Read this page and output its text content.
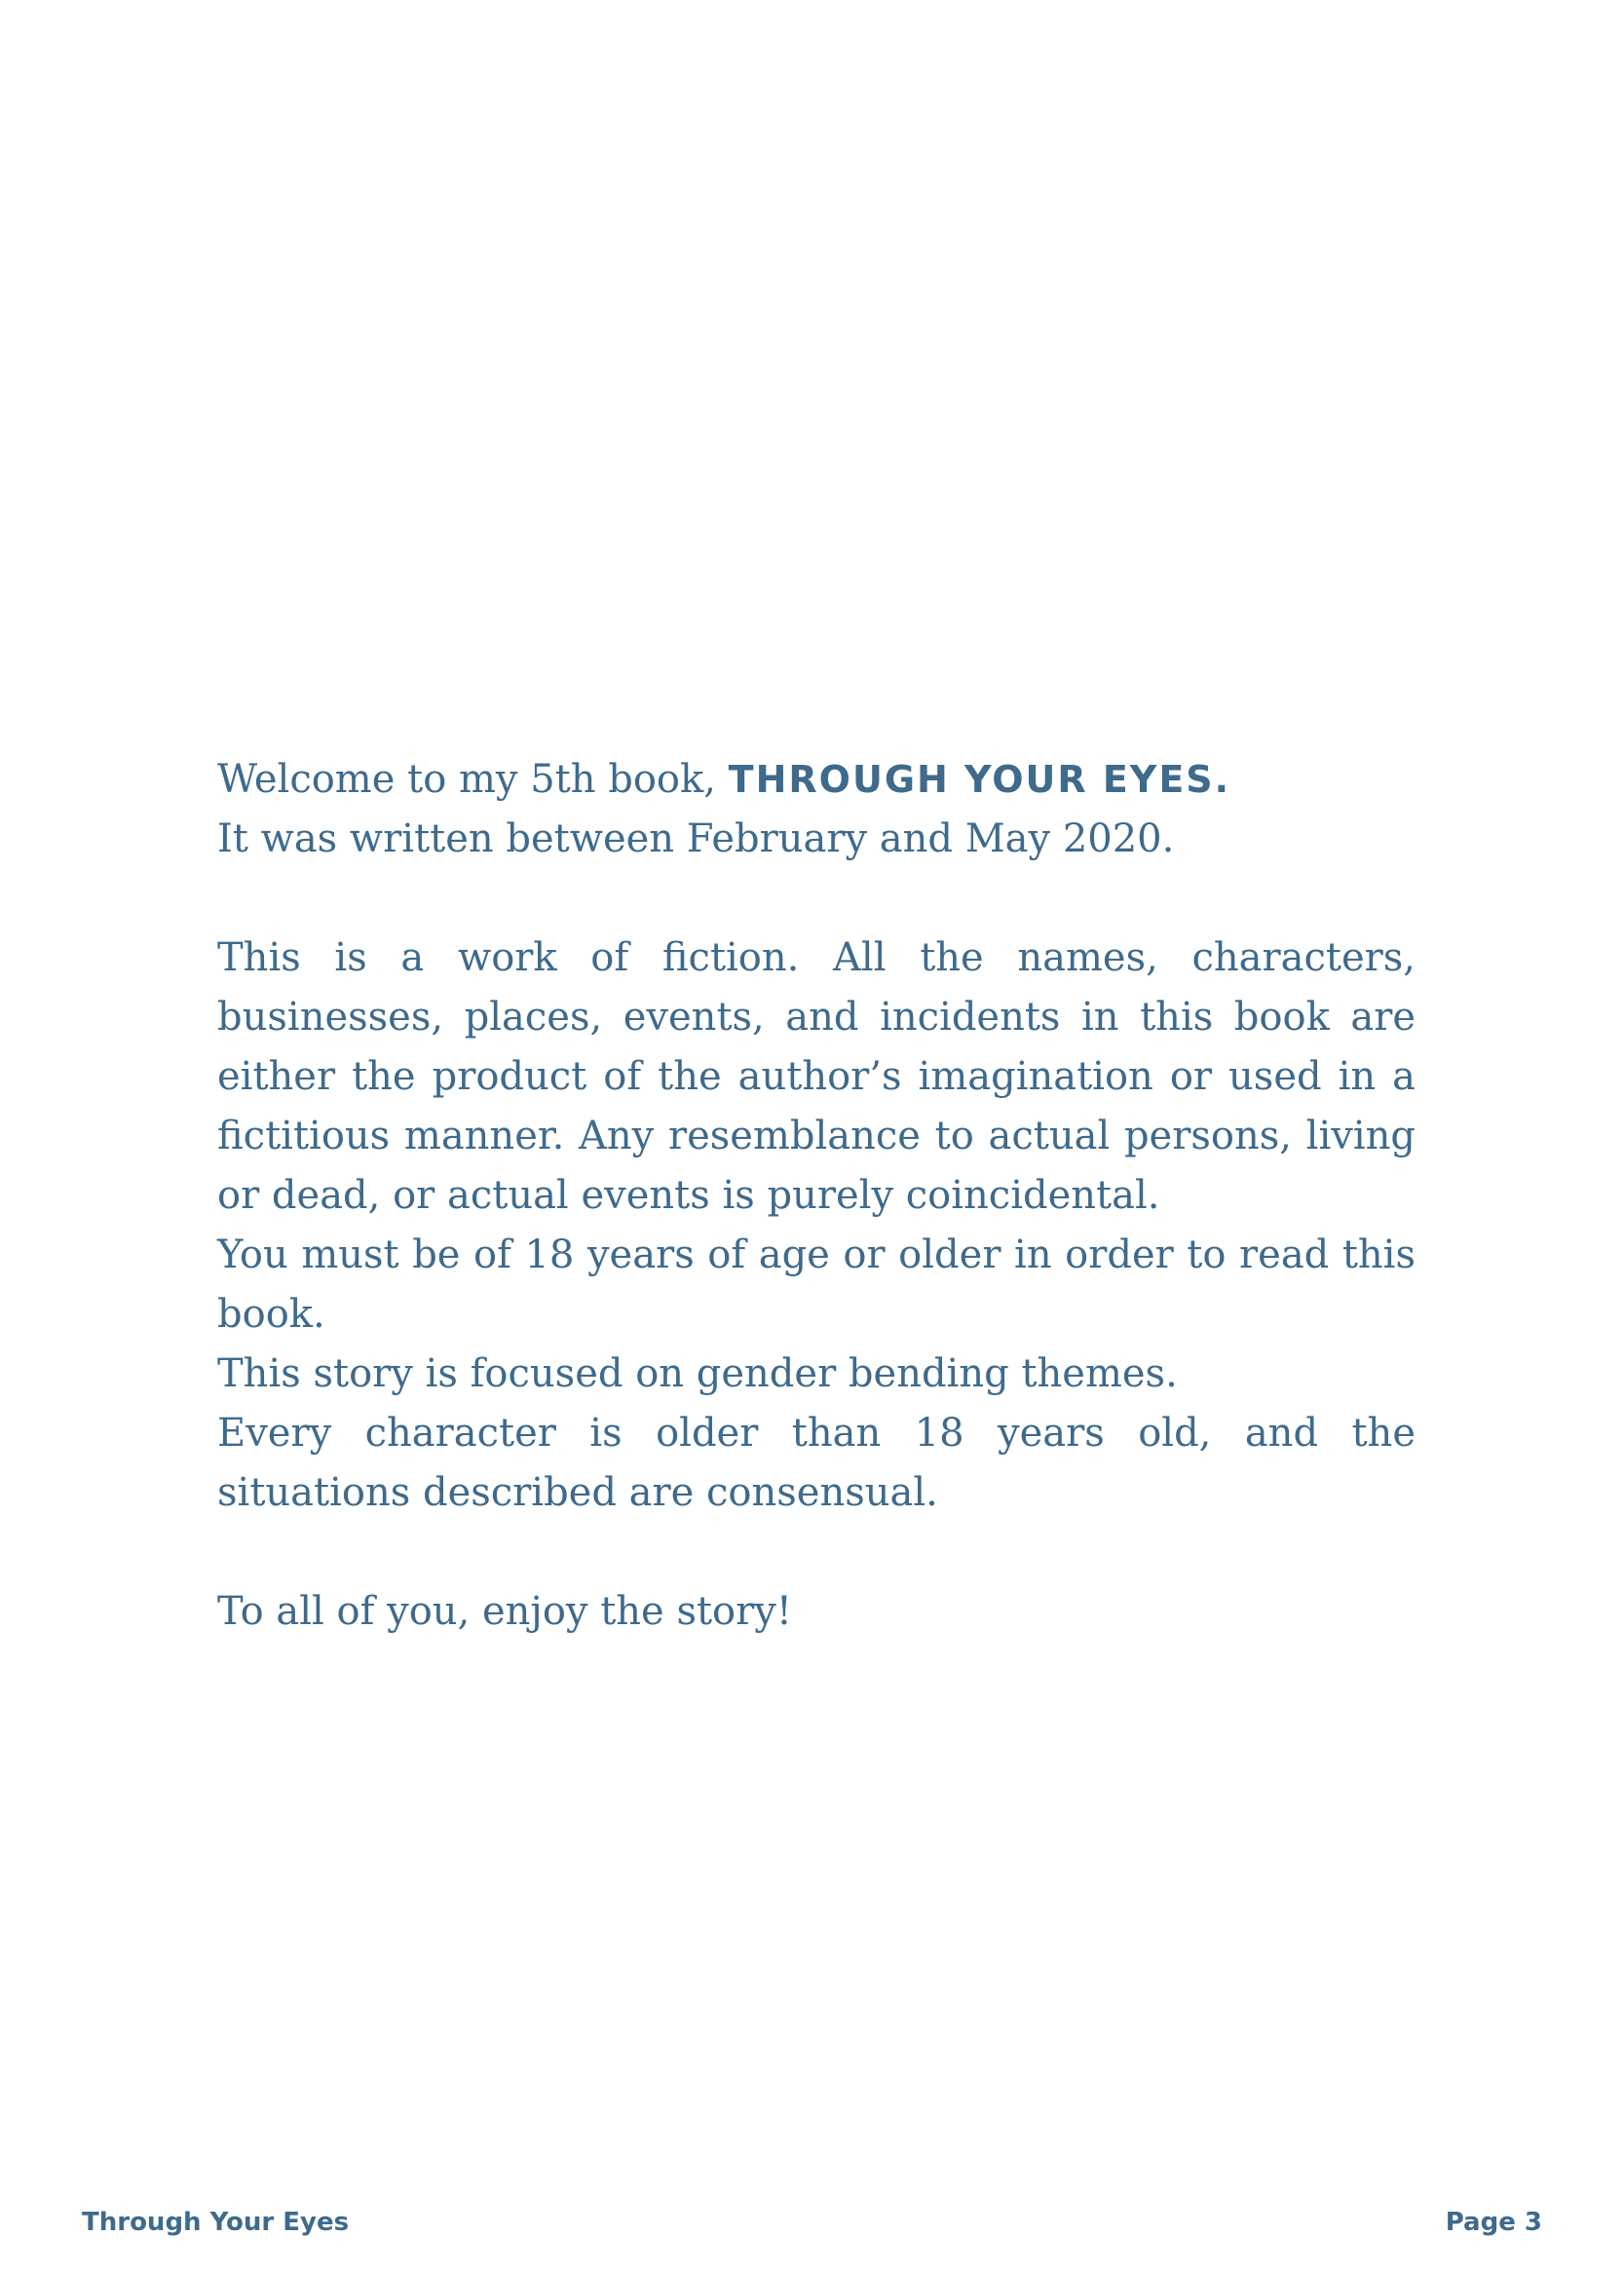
Welcome to my 5th book, THROUGH YOUR EYES.

It was written between February and May 2020.

This is a work of fiction. All the names, characters, businesses, places, events, and incidents in this book are either the product of the author’s imagination or used in a fictitious manner. Any resemblance to actual persons, living or dead, or actual events is purely coincidental.

You must be of 18 years of age or older in order to read this book.

This story is focused on gender bending themes.

Every character is older than 18 years old, and the situations described are consensual.

To all of you, enjoy the story!

Through Your Eyes	Page 3
